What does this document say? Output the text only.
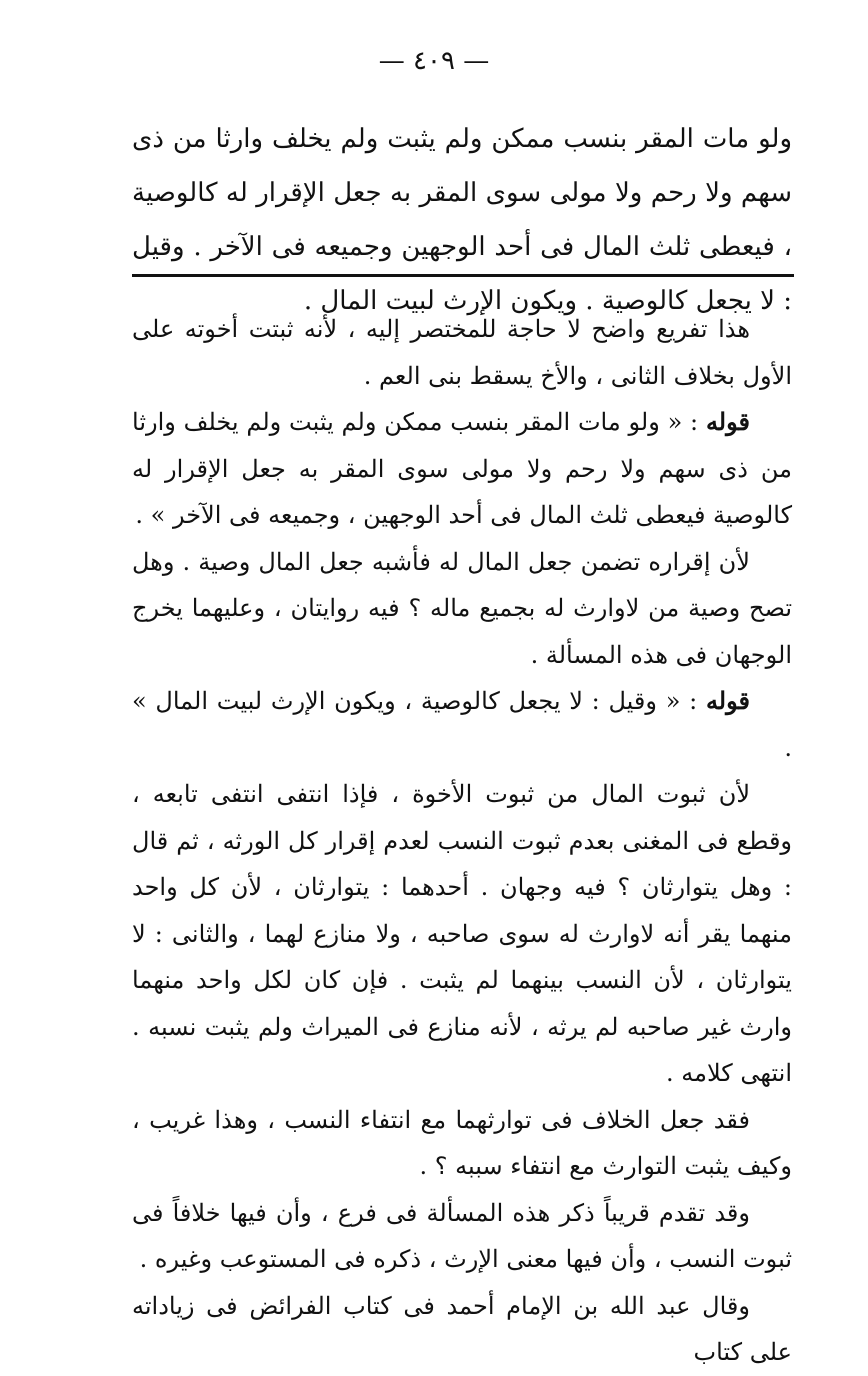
— ٤٠٩ —

ولو مات المقر بنسب ممكن ولم يثبت ولم يخلف وارثا من ذى سهم ولا رحم ولا مولى سوى المقر به جعل الإقرار له كالوصية ، فيعطى ثلث المال فى أحد الوجهين وجميعه فى الآخر . وقيل : لا يجعل كالوصية . ويكون الإرث لبيت المال .

هذا تفريع واضح لا حاجة للمختصر إليه ، لأنه ثبتت أخوته على الأول بخلاف الثانى ، والأخ يسقط بنى العم .

قوله : « ولو مات المقر بنسب ممكن ولم يثبت ولم يخلف وارثا من ذى سهم ولا رحم ولا مولى سوى المقر به جعل الإقرار له كالوصية فيعطى ثلث المال فى أحد الوجهين ، وجميعه فى الآخر » .

لأن إقراره تضمن جعل المال له فأشبه جعل المال وصية . وهل تصح وصية من لاوارث له بجميع ماله ؟ فيه روايتان ، وعليهما يخرج الوجهان فى هذه المسألة .

قوله : « وقيل : لا يجعل كالوصية ، ويكون الإرث لبيت المال » .

لأن ثبوت المال من ثبوت الأخوة ، فإذا انتفى انتفى تابعه ، وقطع فى المغنى بعدم ثبوت النسب لعدم إقرار كل الورثه ، ثم قال : وهل يتوارثان ؟ فيه وجهان . أحدهما : يتوارثان ، لأن كل واحد منهما يقر أنه لاوارث له سوى صاحبه ، ولا منازع لهما ، والثانى : لا يتوارثان ، لأن النسب بينهما لم يثبت . فإن كان لكل واحد منهما وارث غير صاحبه لم يرثه ، لأنه منازع فى الميراث ولم يثبت نسبه . انتهى كلامه .

فقد جعل الخلاف فى توارثهما مع انتفاء النسب ، وهذا غريب ، وكيف يثبت التوارث مع انتفاء سببه ؟ .

وقد تقدم قريباً ذكر هذه المسألة فى فرع ، وأن فيها خلافاً فى ثبوت النسب ، وأن فيها معنى الإرث ، ذكره فى المستوعب وغيره .

وقال عبد الله بن الإمام أحمد فى كتاب الفرائض فى زياداته على كتاب
